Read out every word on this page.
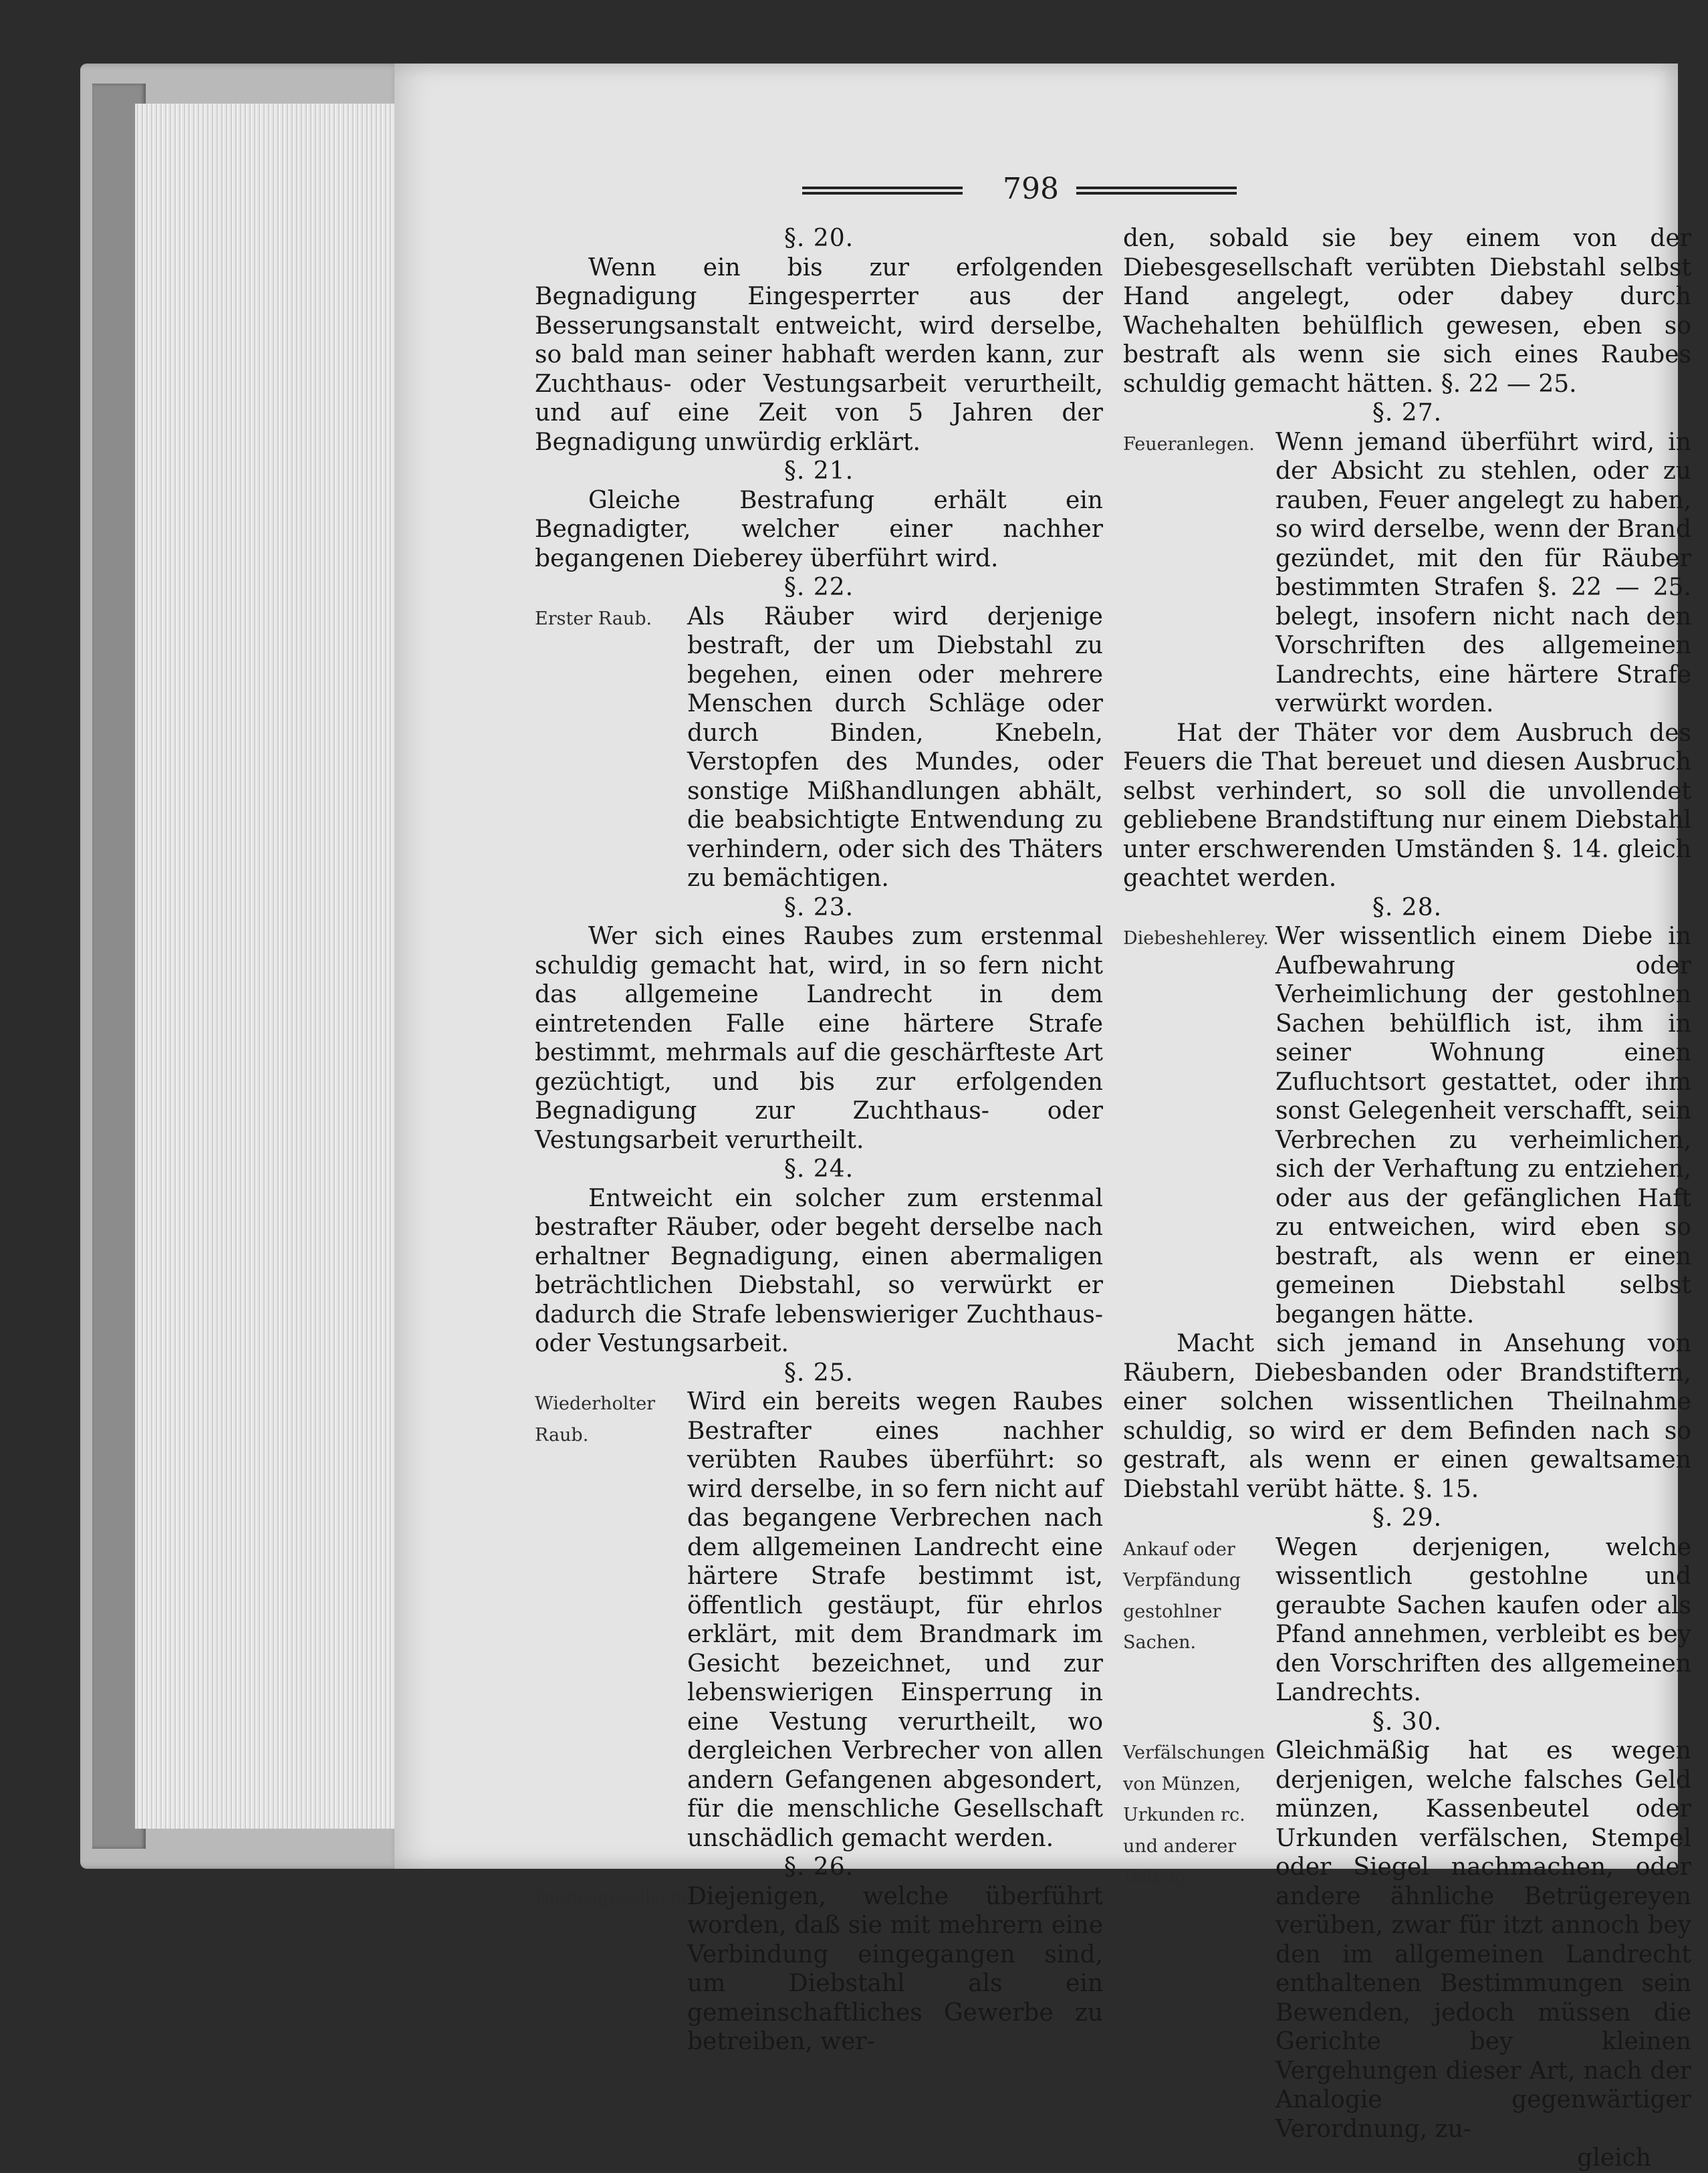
798

§. 20.

Wenn ein bis zur erfolgenden Begnadigung Eingesperrter aus der Besserungsanstalt entweicht, wird derselbe, so bald man seiner habhaft werden kann, zur Zuchthaus- oder Vestungsarbeit verurtheilt, und auf eine Zeit von 5 Jahren der Begnadigung unwürdig erklärt.

§. 21.

Gleiche Bestrafung erhält ein Begnadigter, welcher einer nachher begangenen Dieberey überführt wird.

§. 22.

Erster Raub.	Als Räuber wird derjenige bestraft, der um Diebstahl zu begehen, einen oder mehrere Menschen durch Schläge oder durch Binden, Knebeln, Verstopfen des Mundes, oder sonstige Mißhandlungen abhält, die beabsichtigte Entwendung zu verhindern, oder sich des Thäters zu bemächtigen.

§. 23.

Wer sich eines Raubes zum erstenmal schuldig gemacht hat, wird, in so fern nicht das allgemeine Landrecht in dem eintretenden Falle eine härtere Strafe bestimmt, mehrmals auf die geschärfteste Art gezüchtigt, und bis zur erfolgenden Begnadigung zur Zuchthaus- oder Vestungsarbeit verurtheilt.

§. 24.

Entweicht ein solcher zum erstenmal bestrafter Räuber, oder begeht derselbe nach erhaltner Begnadigung, einen abermaligen beträchtlichen Diebstahl, so verwürkt er dadurch die Strafe lebenswieriger Zuchthaus- oder Vestungsarbeit.

§. 25.

Wiederholter Raub.

Wird ein bereits wegen Raubes Bestrafter eines nachher verübten Raubes überführt: so wird derselbe, in so fern nicht auf das begangene Verbrechen nach dem allgemeinen Landrecht eine härtere Strafe bestimmt ist, öffentlich gestäupt, für ehrlos erklärt, mit dem Brandmark im Gesicht bezeichnet, und zur lebenswierigen Einsperrung in eine Vestung verurtheilt, wo dergleichen Verbrecher von allen andern Gefangenen abgesondert, für die menschliche Gesellschaft unschädlich gemacht werden.

§. 26.

Diebesgesellschaften.

Diejenigen, welche überführt worden, daß sie mit mehrern eine Verbindung eingegangen sind, um Diebstahl als ein gemeinschaftliches Gewerbe zu betreiben, wer-

den, sobald sie bey einem von der Diebesgesellschaft verübten Diebstahl selbst Hand angelegt, oder dabey durch Wachehalten behülflich gewesen, eben so bestraft als wenn sie sich eines Raubes schuldig gemacht hätten. §. 22 — 25.

§. 27.

Feueranlegen. Wenn jemand überführt wird, in der Absicht zu stehlen, oder zu rauben, Feuer angelegt zu haben, so wird derselbe, wenn der Brand gezündet, mit den für Räuber bestimmten Strafen §. 22 — 25. belegt, insofern nicht nach den Vorschriften des allgemeinen Landrechts, eine härtere Strafe verwürkt worden.

Hat der Thäter vor dem Ausbruch des Feuers die That bereuet und diesen Ausbruch selbst verhindert, so soll die unvollendet gebliebene Brandstiftung nur einem Diebstahl unter erschwerenden Umständen §. 14. gleich geachtet werden.

§. 28.

Diebeshehlerey. Wer wissentlich einem Diebe in Aufbewahrung oder Verheimlichung der gestohlnen Sachen behülflich ist, ihm in seiner Wohnung einen Zufluchtsort gestattet, oder ihm sonst Gelegenheit verschafft, sein Verbrechen zu verheimlichen, sich der Verhaftung zu entziehen, oder aus der gefänglichen Haft zu entweichen, wird eben so bestraft, als wenn er einen gemeinen Diebstahl selbst begangen hätte.

Macht sich jemand in Ansehung von Räubern, Diebesbanden oder Brandstiftern, einer solchen wissentlichen Theilnahme schuldig, so wird er dem Befinden nach so gestraft, als wenn er einen gewaltsamen Diebstahl verübt hätte. §. 15.

§. 29.

Ankauf oder Verpfändung gestohlner Sachen.

Wegen derjenigen, welche wissentlich gestohlne und geraubte Sachen kaufen oder als Pfand annehmen, verbleibt es bey den Vorschriften des allgemeinen Landrechts.

§. 30.

Verfälschungen von Münzen, Urkunden rc. und anderer Betrug.

Gleichmäßig hat es wegen derjenigen, welche falsches Geld münzen, Kassenbeutel oder Urkunden verfälschen, Stempel oder Siegel nachmachen, oder andere ähnliche Betrügereyen verüben, zwar für itzt annoch bey den im allgemeinen Landrecht enthaltenen Bestimmungen sein Bewenden, jedoch müssen die Gerichte bey kleinen Vergehungen dieser Art, nach der Analogie gegenwärtiger Verordnung, zu-

gleich
